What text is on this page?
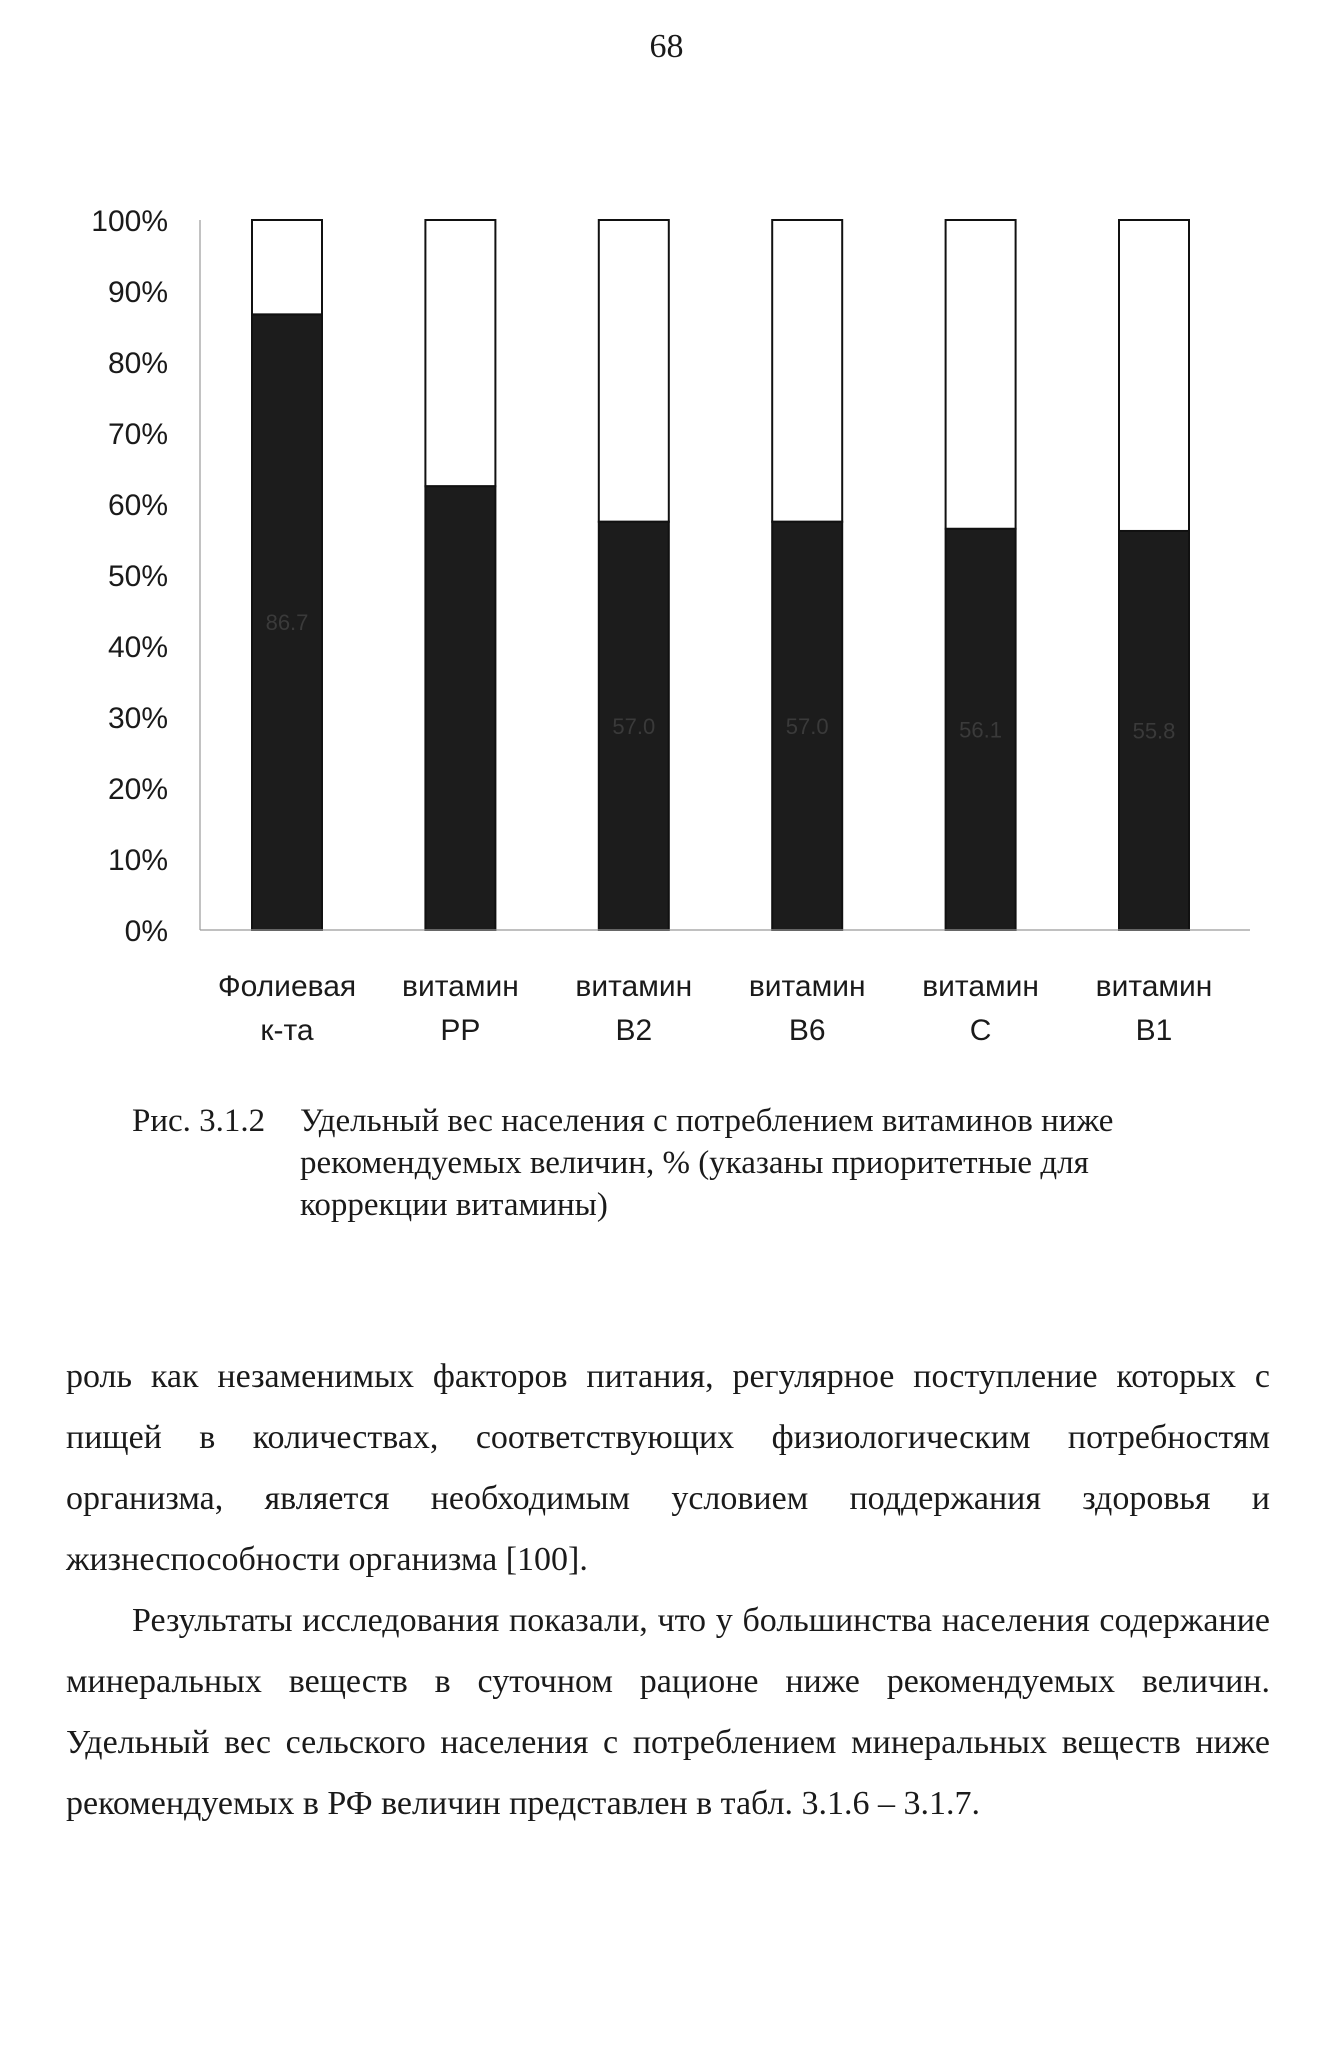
68
0%
10%
20%
30%
40%
50%
60%
70%
80%
90%
100%
86.7
57.0	57.0	56.1	55.8
Фолиевая к-та
витамин PP
витамин B2
витамин B6
витамин C
витамин B1
Рис. 3.1.2 Удельный вес населения с потреблением витаминов ниже рекомендуемых величин, % (указаны приоритетные для коррекции витамины)

роль как незаменимых факторов питания, регулярное поступление которых с пищей в количествах, соответствующих физиологическим потребностям организма, является необходимым условием поддержания здоровья и жизнеспособности организма [100].

Результаты исследования показали, что у большинства населения содержание минеральных веществ в суточном рационе ниже рекомендуемых величин. Удельный вес сельского населения с потреблением минеральных веществ ниже рекомендуемых в РФ величин представлен в табл. 3.1.6 – 3.1.7.
